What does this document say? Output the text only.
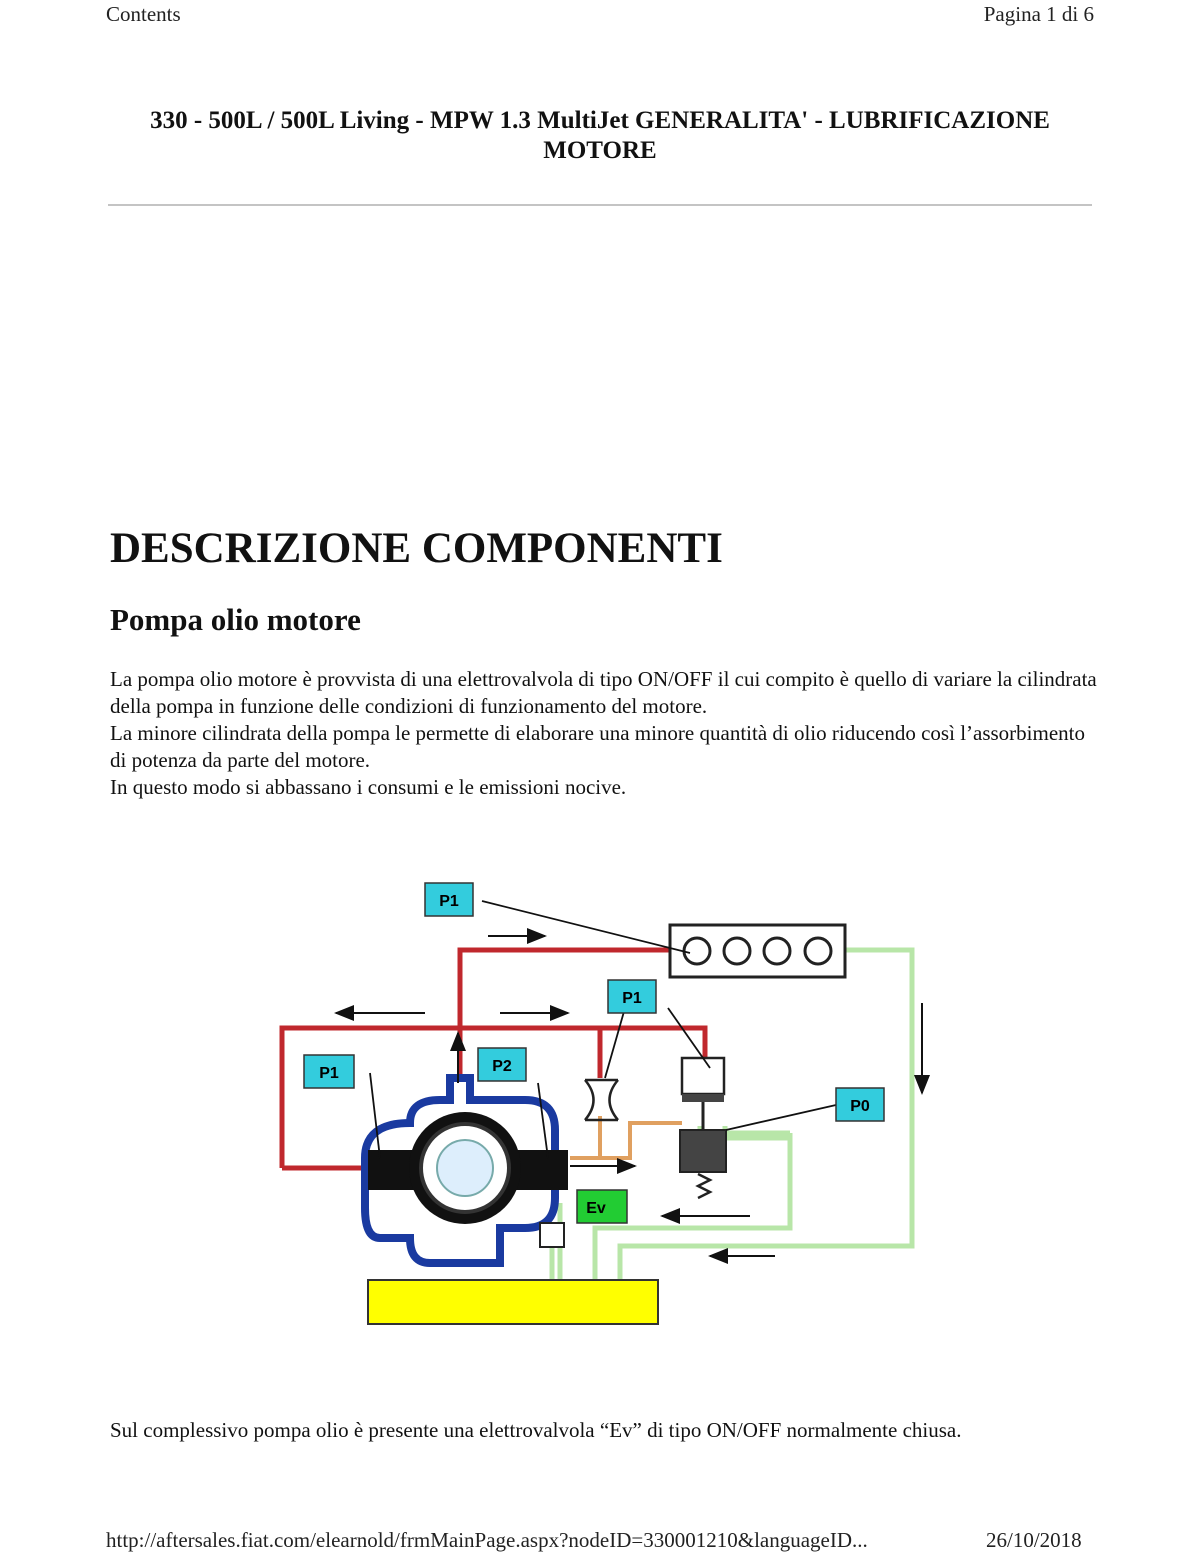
Contents	Pagina 1 di 6
330 - 500L / 500L Living - MPW 1.3 MultiJet GENERALITA' - LUBRIFICAZIONE
MOTORE
DESCRIZIONE COMPONENTI
Pompa olio motore

La pompa olio motore è provvista di una elettrovalvola di tipo ON/OFF il cui compito è quello di variare la cilindrata della pompa in funzione delle condizioni di funzionamento del motore.

La minore cilindrata della pompa le permette di elaborare una minore quantità di olio riducendo così l’assorbimento di potenza da parte del motore.

In questo modo si abbassano i consumi e le emissioni nocive.

P1
P1
P1	P2
P0
Ev

Sul complessivo pompa olio è presente una elettrovalvola “Ev” di tipo ON/OFF normalmente chiusa.

http://aftersales.fiat.com/elearnold/frmMainPage.aspx?nodeID=330001210&languageID...	26/10/2018
